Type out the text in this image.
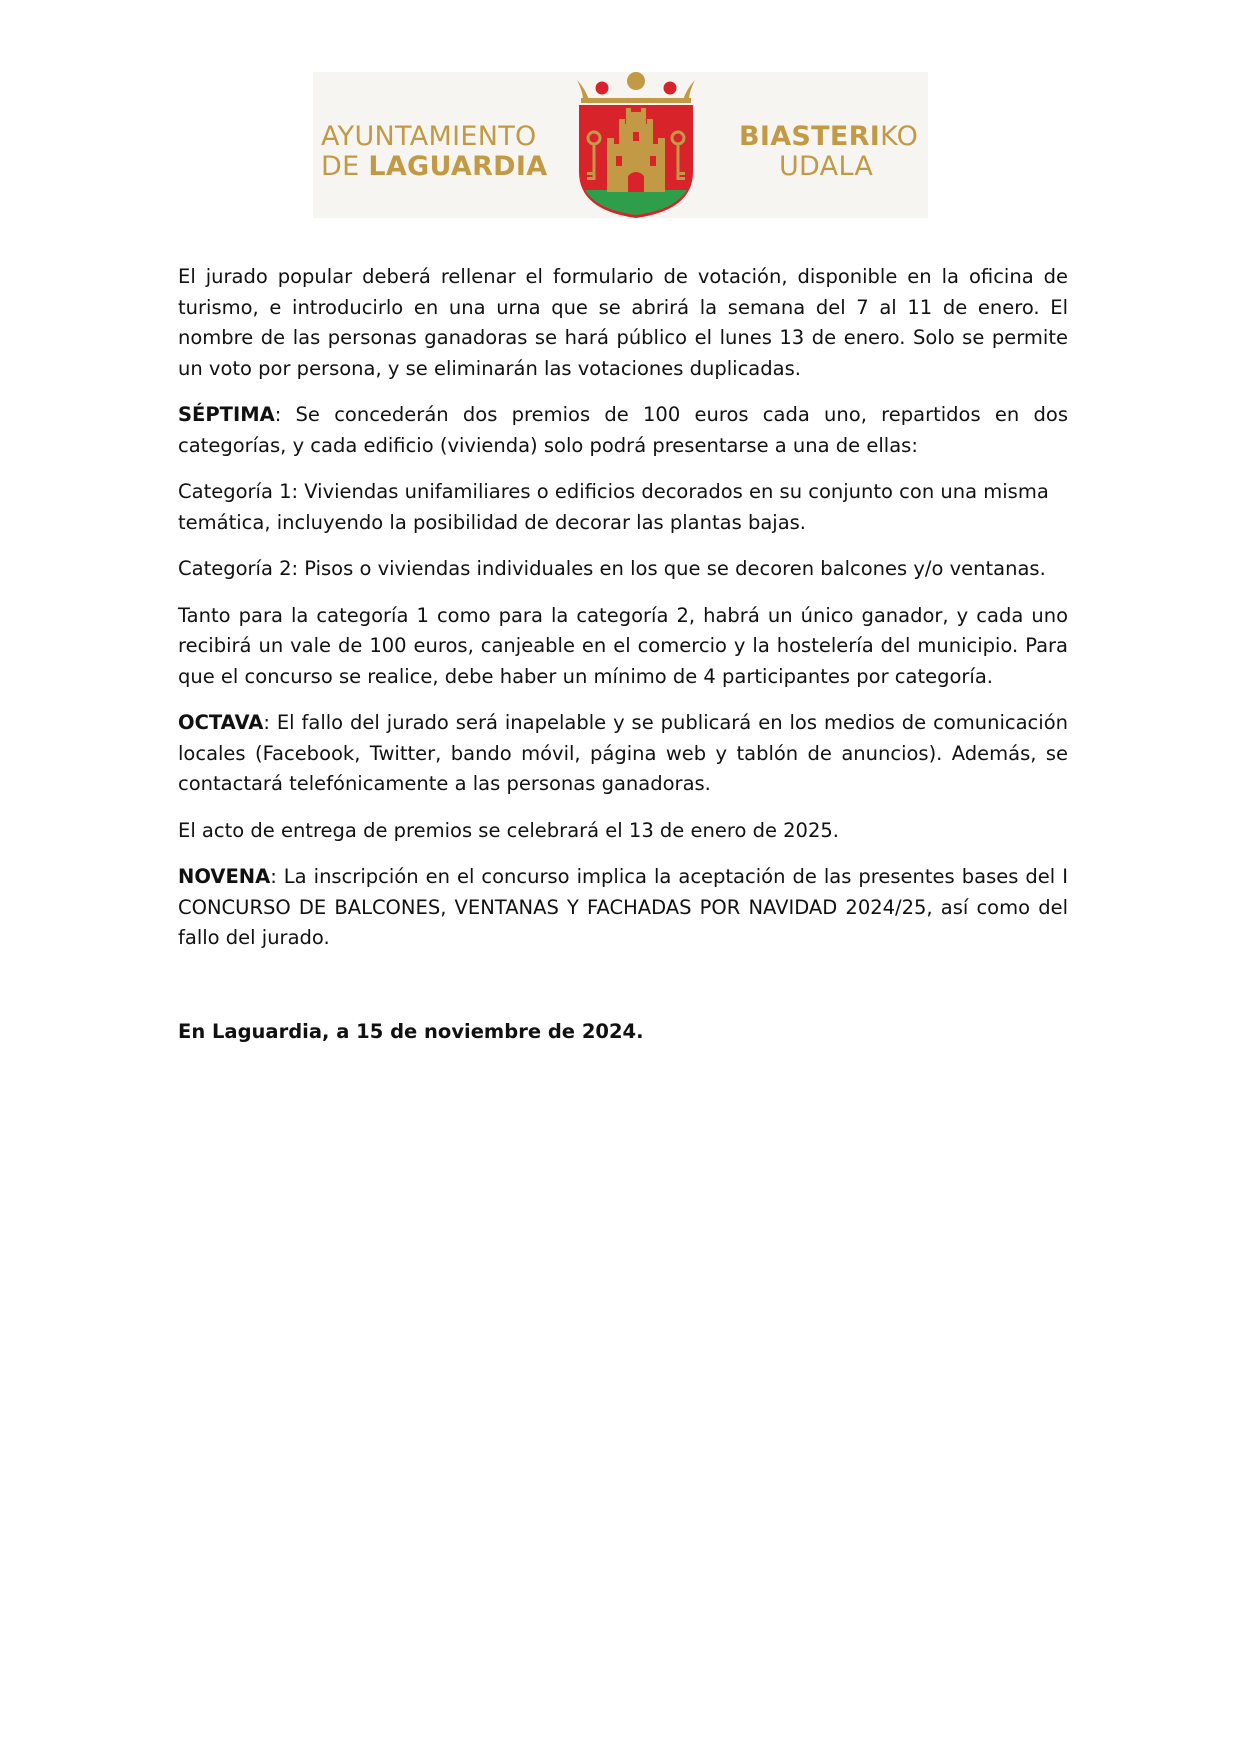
AYUNTAMIENTO
DE LAGUARDIA
BIASTERIKO
UDALA

El jurado popular deberá rellenar el formulario de votación, disponible en la oficina de turismo, e introducirlo en una urna que se abrirá la semana del 7 al 11 de enero. El nombre de las personas ganadoras se hará público el lunes 13 de enero. Solo se permite un voto por persona, y se eliminarán las votaciones duplicadas.

SÉPTIMA: Se concederán dos premios de 100 euros cada uno, repartidos en dos categorías, y cada edificio (vivienda) solo podrá presentarse a una de ellas:

Categoría 1: Viviendas unifamiliares o edificios decorados en su conjunto con una misma temática, incluyendo la posibilidad de decorar las plantas bajas.

Categoría 2: Pisos o viviendas individuales en los que se decoren balcones y/o ventanas.

Tanto para la categoría 1 como para la categoría 2, habrá un único ganador, y cada uno recibirá un vale de 100 euros, canjeable en el comercio y la hostelería del municipio. Para que el concurso se realice, debe haber un mínimo de 4 participantes por categoría.

OCTAVA: El fallo del jurado será inapelable y se publicará en los medios de comunicación locales (Facebook, Twitter, bando móvil, página web y tablón de anuncios). Además, se contactará telefónicamente a las personas ganadoras.

El acto de entrega de premios se celebrará el 13 de enero de 2025.

NOVENA: La inscripción en el concurso implica la aceptación de las presentes bases del I CONCURSO DE BALCONES, VENTANAS Y FACHADAS POR NAVIDAD 2024/25, así como del fallo del jurado.

En Laguardia, a 15 de noviembre de 2024.
